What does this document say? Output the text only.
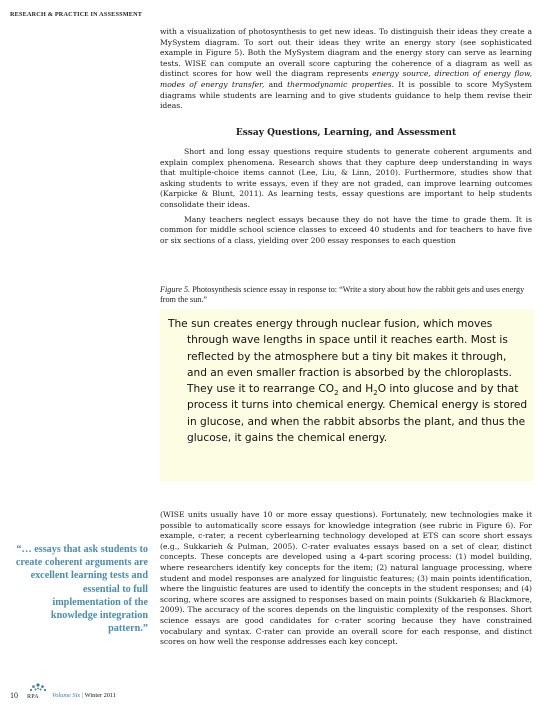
RESEARCH & PRACTICE IN ASSESSMENT

with a visualization of photosynthesis to get new ideas. To distinguish their ideas they create a MySystem diagram. To sort out their ideas they write an energy story (see sophisticated example in Figure 5). Both the MySystem diagram and the energy story can serve as learning tests. WISE can compute an overall score capturing the coherence of a diagram as well as distinct scores for how well the diagram represents energy source, direction of energy flow, modes of energy transfer, and thermodynamic properties. It is possible to score MySystem diagrams while students are learning and to give students guidance to help them revise their ideas.

Essay Questions, Learning, and Assessment

Short and long essay questions require students to generate coherent arguments and explain complex phenomena. Research shows that they capture deep understanding in ways that multiple-choice items cannot (Lee, Liu, & Linn, 2010). Furthermore, studies show that asking students to write essays, even if they are not graded, can improve learning outcomes (Karpicke & Blunt, 2011). As learning tests, essay questions are important to help students consolidate their ideas.

Many teachers neglect essays because they do not have the time to grade them. It is common for middle school science classes to exceed 40 students and for teachers to have five or six sections of a class, yielding over 200 essay responses to each question

Figure 5. Photosynthesis science essay in response to: “Write a story about how the rabbit gets and uses energy from the sun.”

The sun creates energy through nuclear fusion, which moves through wave lengths in space until it reaches earth. Most is reflected by the atmosphere but a tiny bit makes it through, and an even smaller fraction is absorbed by the chloroplasts. They use it to rearrange $CO_2$ and $H_2O$ into glucose and by that process it turns into chemical energy. Chemical energy is stored in glucose, and when the rabbit absorbs the plant, and thus the glucose, it gains the chemical energy.

(WISE units usually have 10 or more essay questions). Fortunately, new technologies make it possible to automatically score essays for knowledge integration (see rubric in Figure 6). For example, c-rater, a recent cyberlearning technology developed at ETS can score short essays (e.g., Sukkarieh & Pulman, 2005). C-rater evaluates essays based on a set of clear, distinct concepts. These concepts are developed using a 4-part scoring process: (1) model building, where researchers identify key concepts for the item; (2) natural language processing, where student and model responses are analyzed for linguistic features; (3) main points identification, where the linguistic features are used to identify the concepts in the student responses; and (4) scoring, where scores are assigned to responses based on main points (Sukkarieh & Blackmore, 2009). The accuracy of the scores depends on the linguistic complexity of the responses. Short science essays are good candidates for c-rater scoring because they have constrained vocabulary and syntax. C-rater can provide an overall score for each response, and distinct scores on how well the response addresses each key concept.

“… essays that ask students to create coherent arguments are excellent learning tests and essential to full implementation of the knowledge integration pattern.”
10 RPA Volume Six | Winter 2011
